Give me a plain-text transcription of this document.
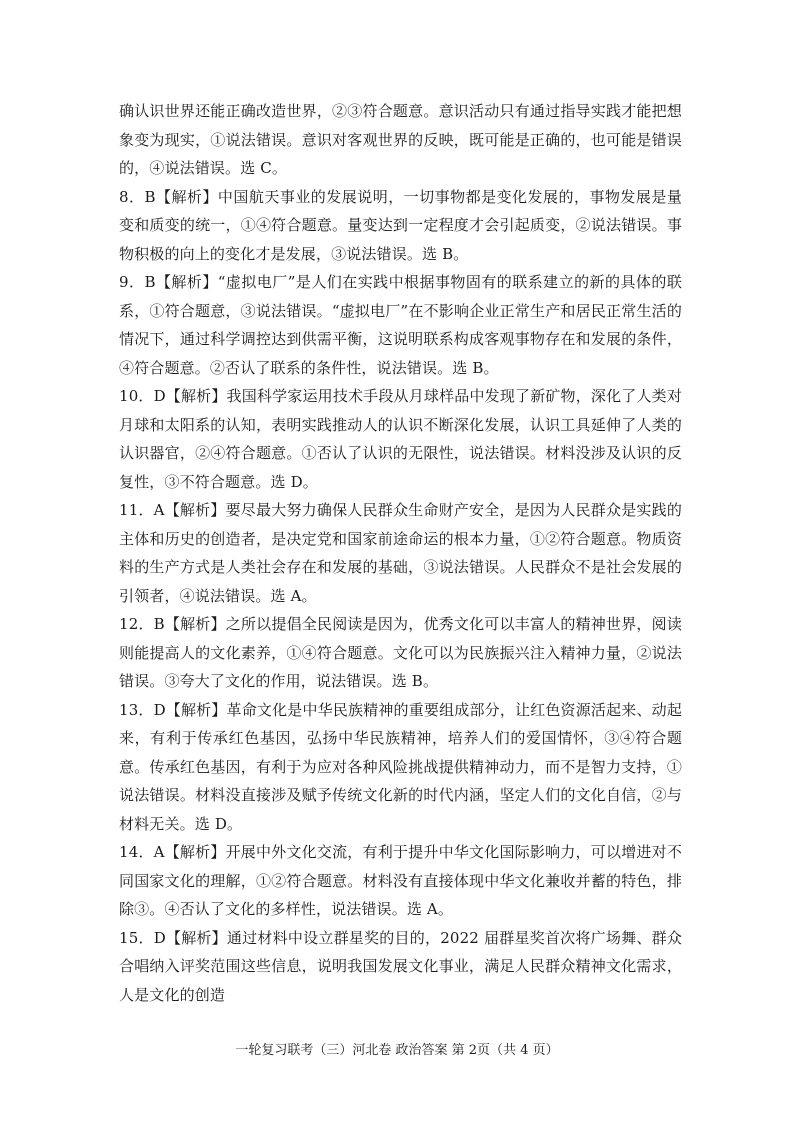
确认识世界还能正确改造世界，②③符合题意。意识活动只有通过指导实践才能把想象变为现实，①说法错误。意识对客观世界的反映，既可能是正确的，也可能是错误的，④说法错误。选 C。

8．B【解析】中国航天事业的发展说明，一切事物都是变化发展的，事物发展是量变和质变的统一，①④符合题意。量变达到一定程度才会引起质变，②说法错误。事物积极的向上的变化才是发展，③说法错误。选 B。

9．B【解析】“虚拟电厂”是人们在实践中根据事物固有的联系建立的新的具体的联系，①符合题意，③说法错误。“虚拟电厂”在不影响企业正常生产和居民正常生活的情况下，通过科学调控达到供需平衡，这说明联系构成客观事物存在和发展的条件，④符合题意。②否认了联系的条件性，说法错误。选 B。

10．D【解析】我国科学家运用技术手段从月球样品中发现了新矿物，深化了人类对月球和太阳系的认知，表明实践推动人的认识不断深化发展，认识工具延伸了人类的认识器官，②④符合题意。①否认了认识的无限性，说法错误。材料没涉及认识的反复性，③不符合题意。选 D。

11．A【解析】要尽最大努力确保人民群众生命财产安全，是因为人民群众是实践的主体和历史的创造者，是决定党和国家前途命运的根本力量，①②符合题意。物质资料的生产方式是人类社会存在和发展的基础，③说法错误。人民群众不是社会发展的引领者，④说法错误。选 A。

12．B【解析】之所以提倡全民阅读是因为，优秀文化可以丰富人的精神世界，阅读则能提高人的文化素养，①④符合题意。文化可以为民族振兴注入精神力量，②说法错误。③夸大了文化的作用，说法错误。选 B。

13．D【解析】革命文化是中华民族精神的重要组成部分，让红色资源活起来、动起来，有利于传承红色基因，弘扬中华民族精神，培养人们的爱国情怀，③④符合题意。传承红色基因，有利于为应对各种风险挑战提供精神动力，而不是智力支持，①说法错误。材料没直接涉及赋予传统文化新的时代内涵，坚定人们的文化自信，②与材料无关。选 D。

14．A【解析】开展中外文化交流，有利于提升中华文化国际影响力，可以增进对不同国家文化的理解，①②符合题意。材料没有直接体现中华文化兼收并蓄的特色，排除③。④否认了文化的多样性，说法错误。选 A。

15．D【解析】通过材料中设立群星奖的目的，2022 届群星奖首次将广场舞、群众合唱纳入评奖范围这些信息，说明我国发展文化事业，满足人民群众精神文化需求，人是文化的创造

一轮复习联考（三）河北卷 政治答案 第 2页（共 4 页）
